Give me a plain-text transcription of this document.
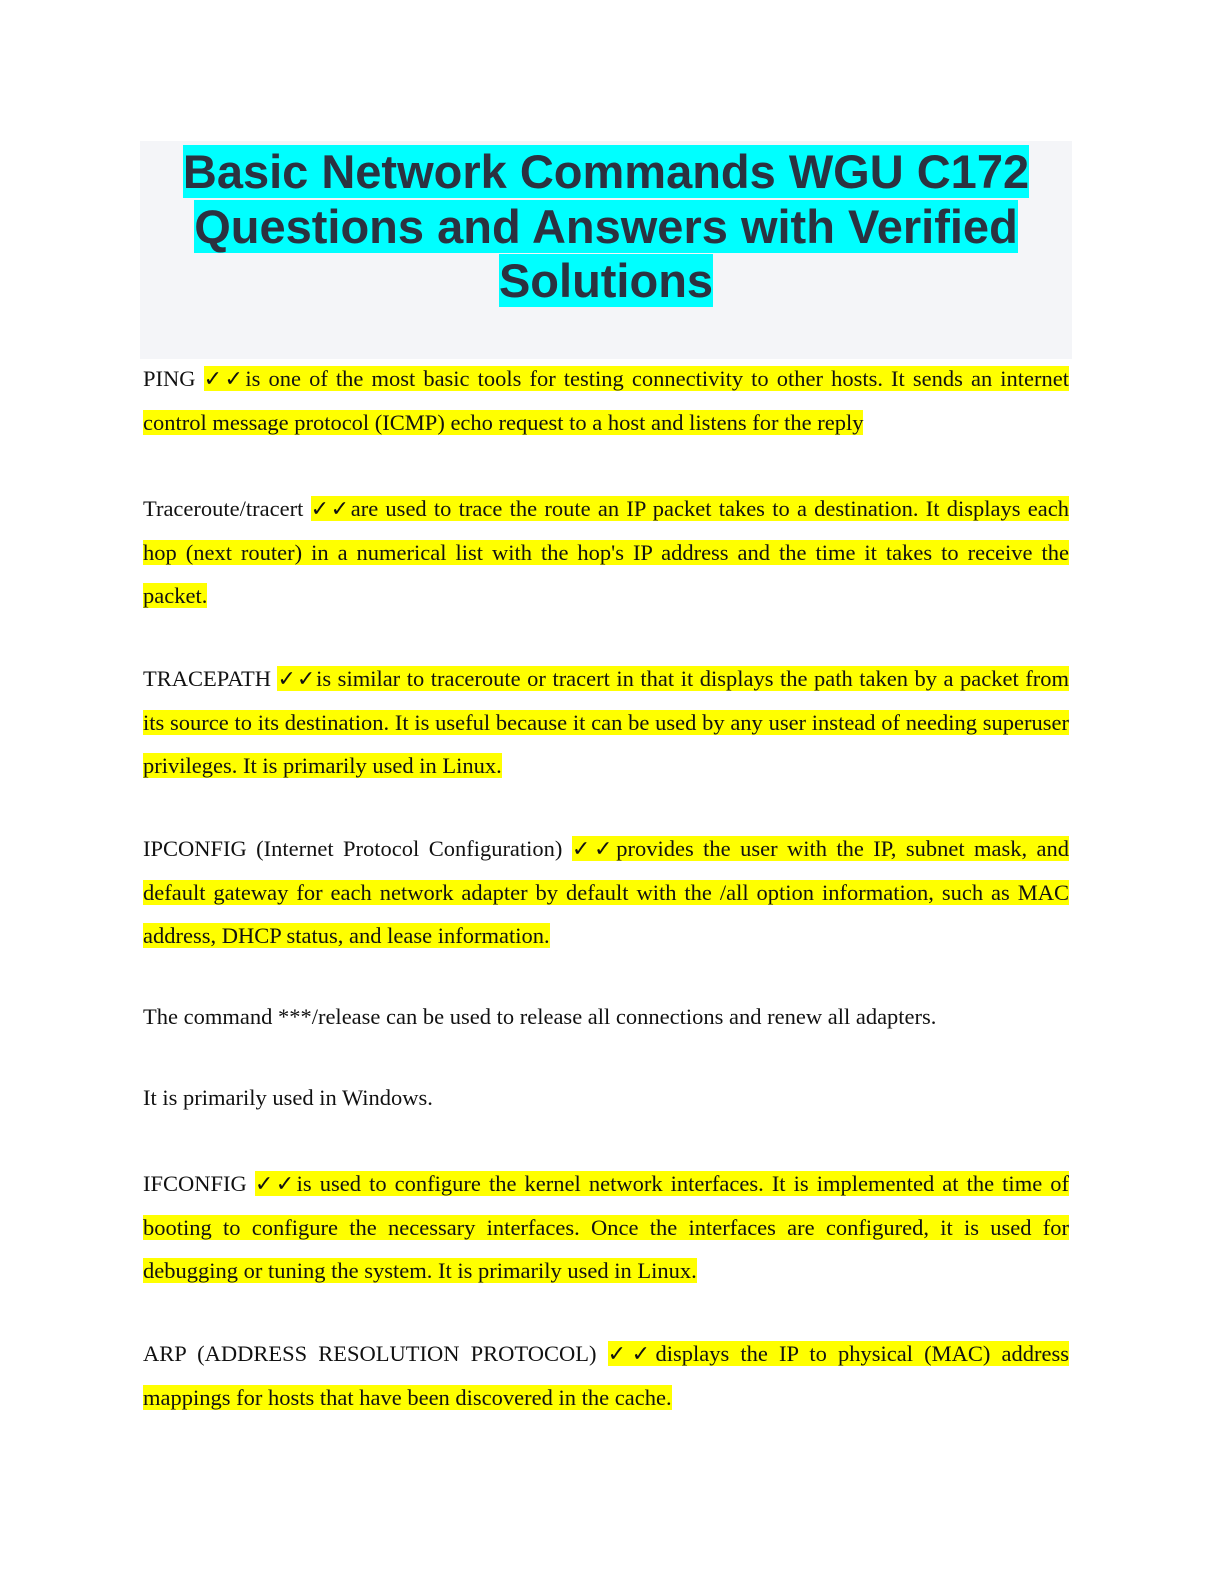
Basic Network Commands WGU C172 Questions and Answers with Verified Solutions

PING ✓✓is one of the most basic tools for testing connectivity to other hosts. It sends an internet control message protocol (ICMP) echo request to a host and listens for the reply

Traceroute/tracert ✓✓are used to trace the route an IP packet takes to a destination. It displays each hop (next router) in a numerical list with the hop's IP address and the time it takes to receive the packet.

TRACEPATH ✓✓is similar to traceroute or tracert in that it displays the path taken by a packet from its source to its destination. It is useful because it can be used by any user instead of needing superuser privileges. It is primarily used in Linux.

IPCONFIG (Internet Protocol Configuration) ✓✓provides the user with the IP, subnet mask, and default gateway for each network adapter by default with the /all option information, such as MAC address, DHCP status, and lease information.

The command ***/release can be used to release all connections and renew all adapters.

It is primarily used in Windows.

IFCONFIG ✓✓is used to configure the kernel network interfaces. It is implemented at the time of booting to configure the necessary interfaces. Once the interfaces are configured, it is used for debugging or tuning the system. It is primarily used in Linux.

ARP (ADDRESS RESOLUTION PROTOCOL) ✓✓displays the IP to physical (MAC) address mappings for hosts that have been discovered in the cache.
